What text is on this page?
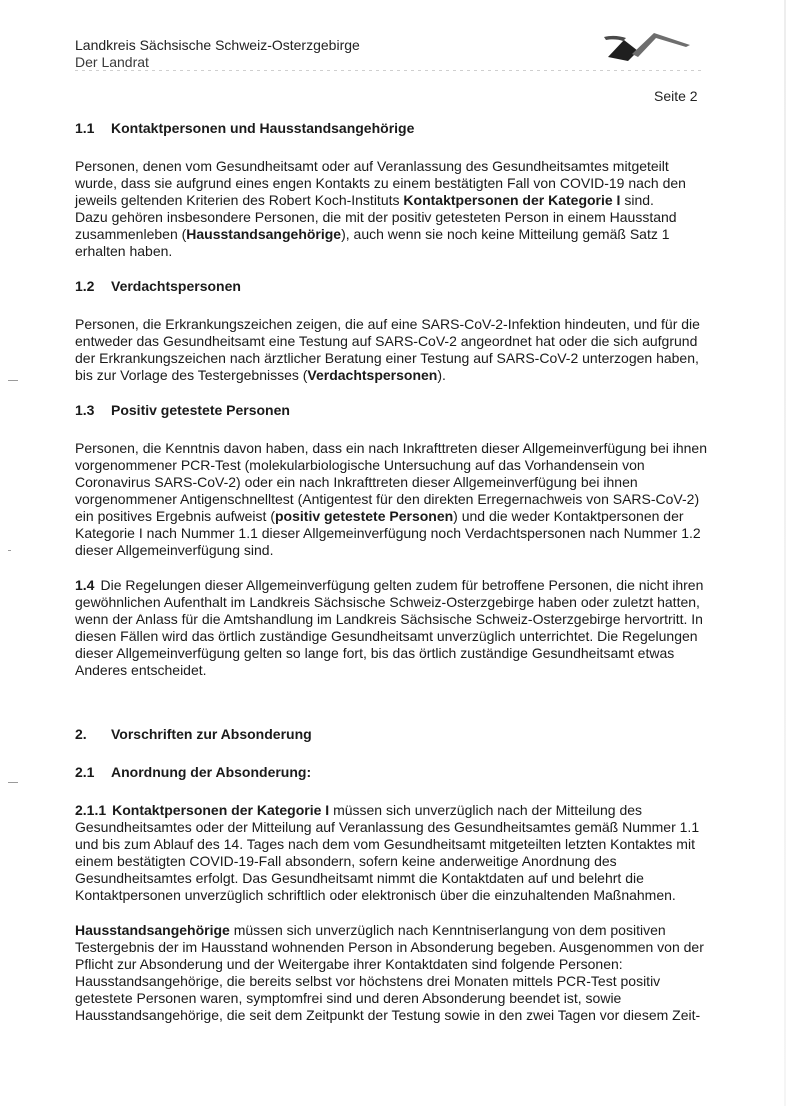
Landkreis Sächsische Schweiz-Osterzgebirge
Der Landrat
Seite 2
1.1 Kontaktpersonen und Hausstandsangehörige

Personen, denen vom Gesundheitsamt oder auf Veranlassung des Gesundheitsamtes mitgeteilt wurde, dass sie aufgrund eines engen Kontakts zu einem bestätigten Fall von COVID-19 nach den jeweils geltenden Kriterien des Robert Koch-Instituts Kontaktpersonen der Kategorie I sind.

Dazu gehören insbesondere Personen, die mit der positiv getesteten Person in einem Hausstand zusammenleben (Hausstandsangehörige), auch wenn sie noch keine Mitteilung gemäß Satz 1 erhalten haben.

1.2 Verdachtspersonen

Personen, die Erkrankungszeichen zeigen, die auf eine SARS-CoV-2-Infektion hindeuten, und für die entweder das Gesundheitsamt eine Testung auf SARS-CoV-2 angeordnet hat oder die sich aufgrund der Erkrankungszeichen nach ärztlicher Beratung einer Testung auf SARS-CoV-2 unterzogen haben, bis zur Vorlage des Testergebnisses (Verdachtspersonen).

1.3 Positiv getestete Personen

Personen, die Kenntnis davon haben, dass ein nach Inkrafttreten dieser Allgemeinverfügung bei ihnen vorgenommener PCR-Test (molekularbiologische Untersuchung auf das Vorhandensein von Coronavirus SARS-CoV-2) oder ein nach Inkrafttreten dieser Allgemeinverfügung bei ihnen vorgenommener Antigenschnelltest (Antigentest für den direkten Erregernachweis von SARS-CoV-2) ein positives Ergebnis aufweist (positiv getestete Personen) und die weder Kontaktpersonen der Kategorie I nach Nummer 1.1 dieser Allgemeinverfügung noch Verdachtspersonen nach Nummer 1.2 dieser Allgemeinverfügung sind.

1.4 Die Regelungen dieser Allgemeinverfügung gelten zudem für betroffene Personen, die nicht ihren gewöhnlichen Aufenthalt im Landkreis Sächsische Schweiz-Osterzgebirge haben oder zuletzt hatten, wenn der Anlass für die Amtshandlung im Landkreis Sächsische Schweiz-Osterzgebirge hervortritt. In diesen Fällen wird das örtlich zuständige Gesundheitsamt unverzüglich unterrichtet. Die Regelungen dieser Allgemeinverfügung gelten so lange fort, bis das örtlich zuständige Gesundheitsamt etwas Anderes entscheidet.

2. Vorschriften zur Absonderung
2.1 Anordnung der Absonderung:

2.1.1 Kontaktpersonen der Kategorie I müssen sich unverzüglich nach der Mitteilung des Gesundheitsamtes oder der Mitteilung auf Veranlassung des Gesundheitsamtes gemäß Nummer 1.1 und bis zum Ablauf des 14. Tages nach dem vom Gesundheitsamt mitgeteilten letzten Kontaktes mit einem bestätigten COVID-19-Fall absondern, sofern keine anderweitige Anordnung des Gesundheitsamtes erfolgt. Das Gesundheitsamt nimmt die Kontaktdaten auf und belehrt die Kontaktpersonen unverzüglich schriftlich oder elektronisch über die einzuhaltenden Maßnahmen.

Hausstandsangehörige müssen sich unverzüglich nach Kenntniserlangung von dem positiven Testergebnis der im Hausstand wohnenden Person in Absonderung begeben. Ausgenommen von der Pflicht zur Absonderung und der Weitergabe ihrer Kontaktdaten sind folgende Personen: Hausstandsangehörige, die bereits selbst vor höchstens drei Monaten mittels PCR-Test positiv getestete Personen waren, symptomfrei sind und deren Absonderung beendet ist, sowie Hausstandsangehörige, die seit dem Zeitpunkt der Testung sowie in den zwei Tagen vor diesem Zeit-
